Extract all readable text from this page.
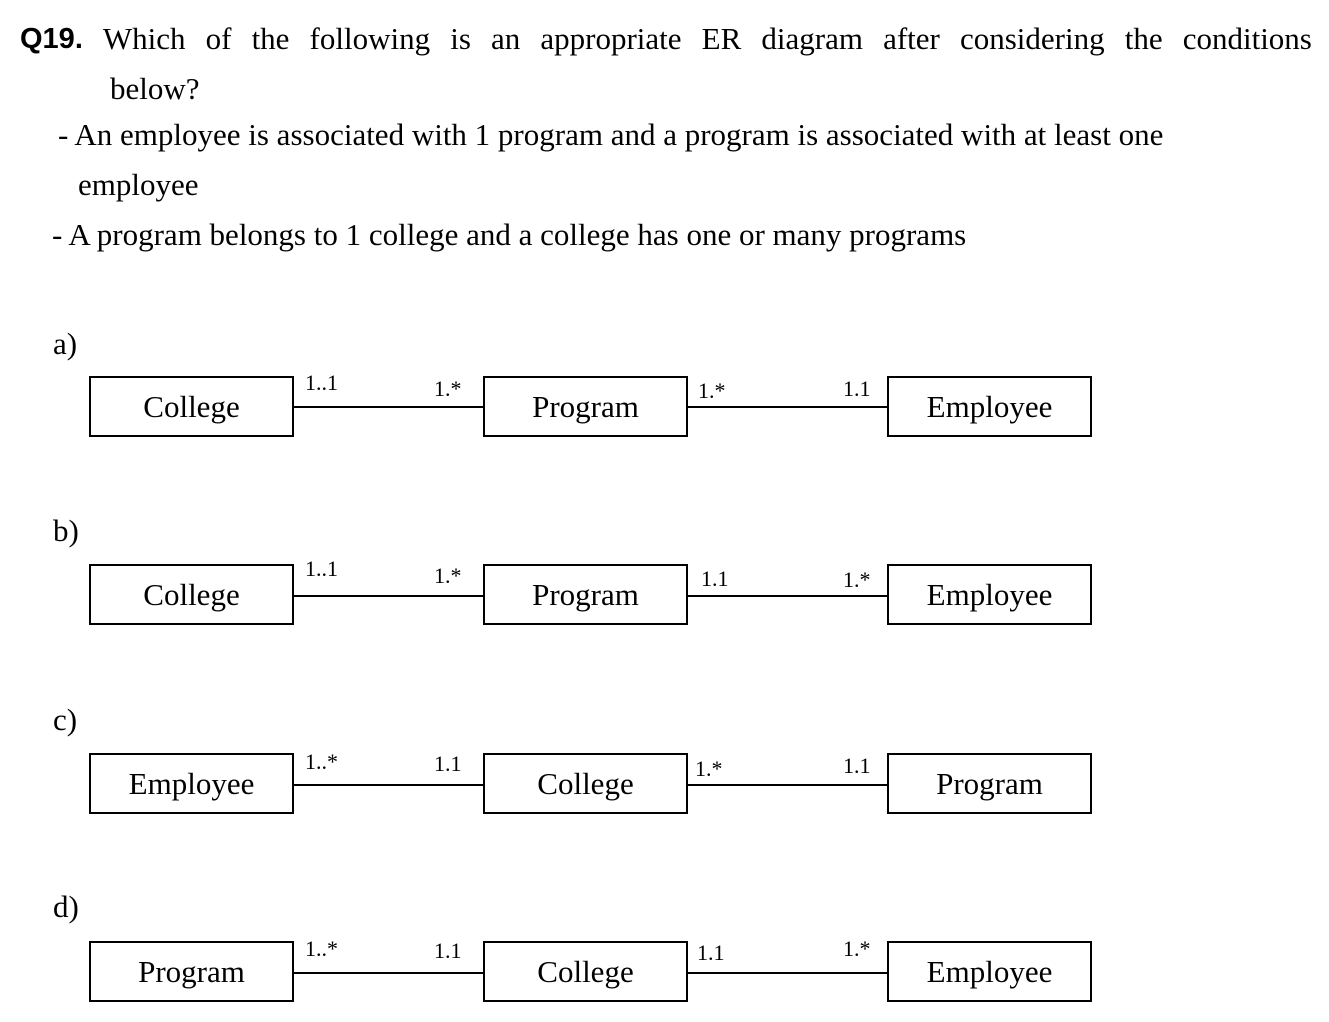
Q19. Which of the following is an appropriate ER diagram after considering the conditions
below?
- An employee is associated with 1 program and a program is associated with at least one
employee
- A program belongs to 1 college and a college has one or many programs
a)
College	Program	Employee
1..1	1.*	1.*	1.1
b)
College	Program	Employee
1..1	1.*	1.1	1.*
c)
Employee	College	Program
1..*	1.1	1.*	1.1
d)
Program	College	Employee
1..*	1.1	1.1	1.*
